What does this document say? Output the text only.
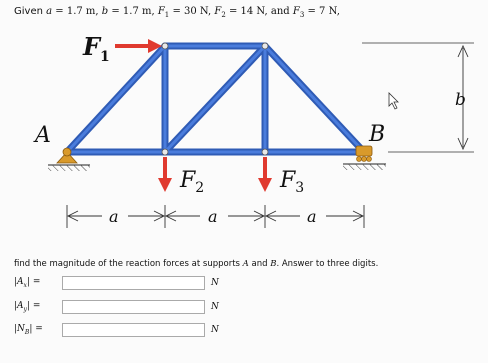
Given a = 1.7 m, b = 1.7 m, $F_1 = 30$ N, $F_2 = 14$ N, and $F_3 = 7$ N,
b
$F_1$
$F_2$	$F_3$
A	B
a	a	a
find the magnitude of the reaction forces at supports A and B. Answer to three digits.
$|A_x|$ =	N
$|A_y|$ =	N
$|N_B|$ =	N
